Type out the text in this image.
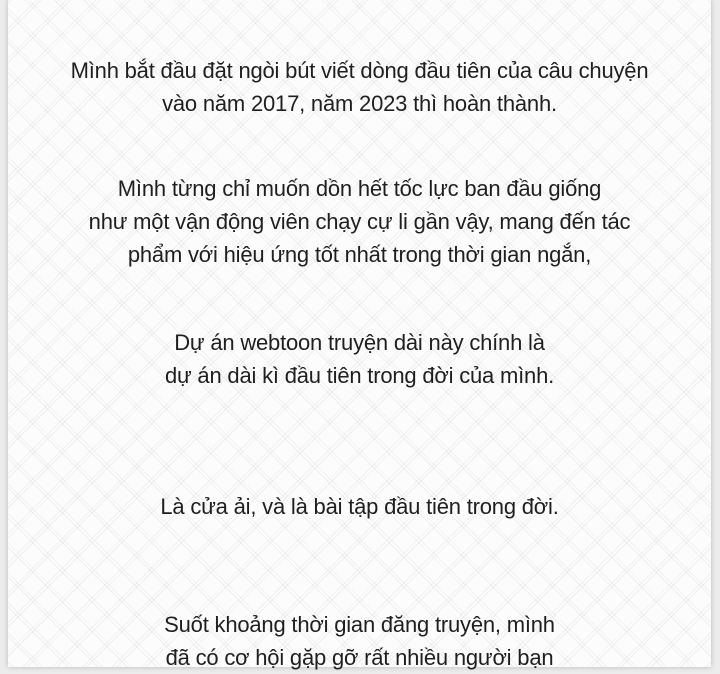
Mình bắt đầu đặt ngòi bút viết dòng đầu tiên của câu chuyện
vào năm 2017, năm 2023 thì hoàn thành.
Mình từng chỉ muốn dồn hết tốc lực ban đầu giống
như một vận động viên chạy cự li gần vậy, mang đến tác
phẩm với hiệu ứng tốt nhất trong thời gian ngắn,
Dự án webtoon truyện dài này chính là
dự án dài kì đầu tiên trong đời của mình.
Là cửa ải, và là bài tập đầu tiên trong đời.
Suốt khoảng thời gian đăng truyện, mình
đã có cơ hội gặp gỡ rất nhiều người bạn
